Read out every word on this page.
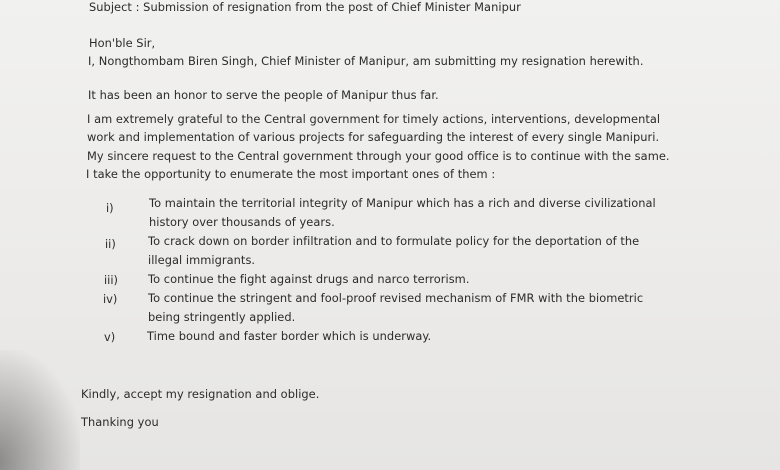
Subject : Submission of resignation from the post of Chief Minister Manipur
Hon'ble Sir,
I, Nongthombam Biren Singh, Chief Minister of Manipur, am submitting my resignation herewith.
It has been an honor to serve the people of Manipur thus far.
I am extremely grateful to the Central government for timely actions, interventions, developmental
work and implementation of various projects for safeguarding the interest of every single Manipuri.
My sincere request to the Central government through your good office is to continue with the same.
I take the opportunity to enumerate the most important ones of them :
i)	To maintain the territorial integrity of Manipur which has a rich and diverse civilizational
history over thousands of years.
ii)	To crack down on border infiltration and to formulate policy for the deportation of the
illegal immigrants.
iii)	To continue the fight against drugs and narco terrorism.
iv)	To continue the stringent and fool-proof revised mechanism of FMR with the biometric
being stringently applied.
v)	Time bound and faster border which is underway.
Kindly, accept my resignation and oblige.
Thanking you
